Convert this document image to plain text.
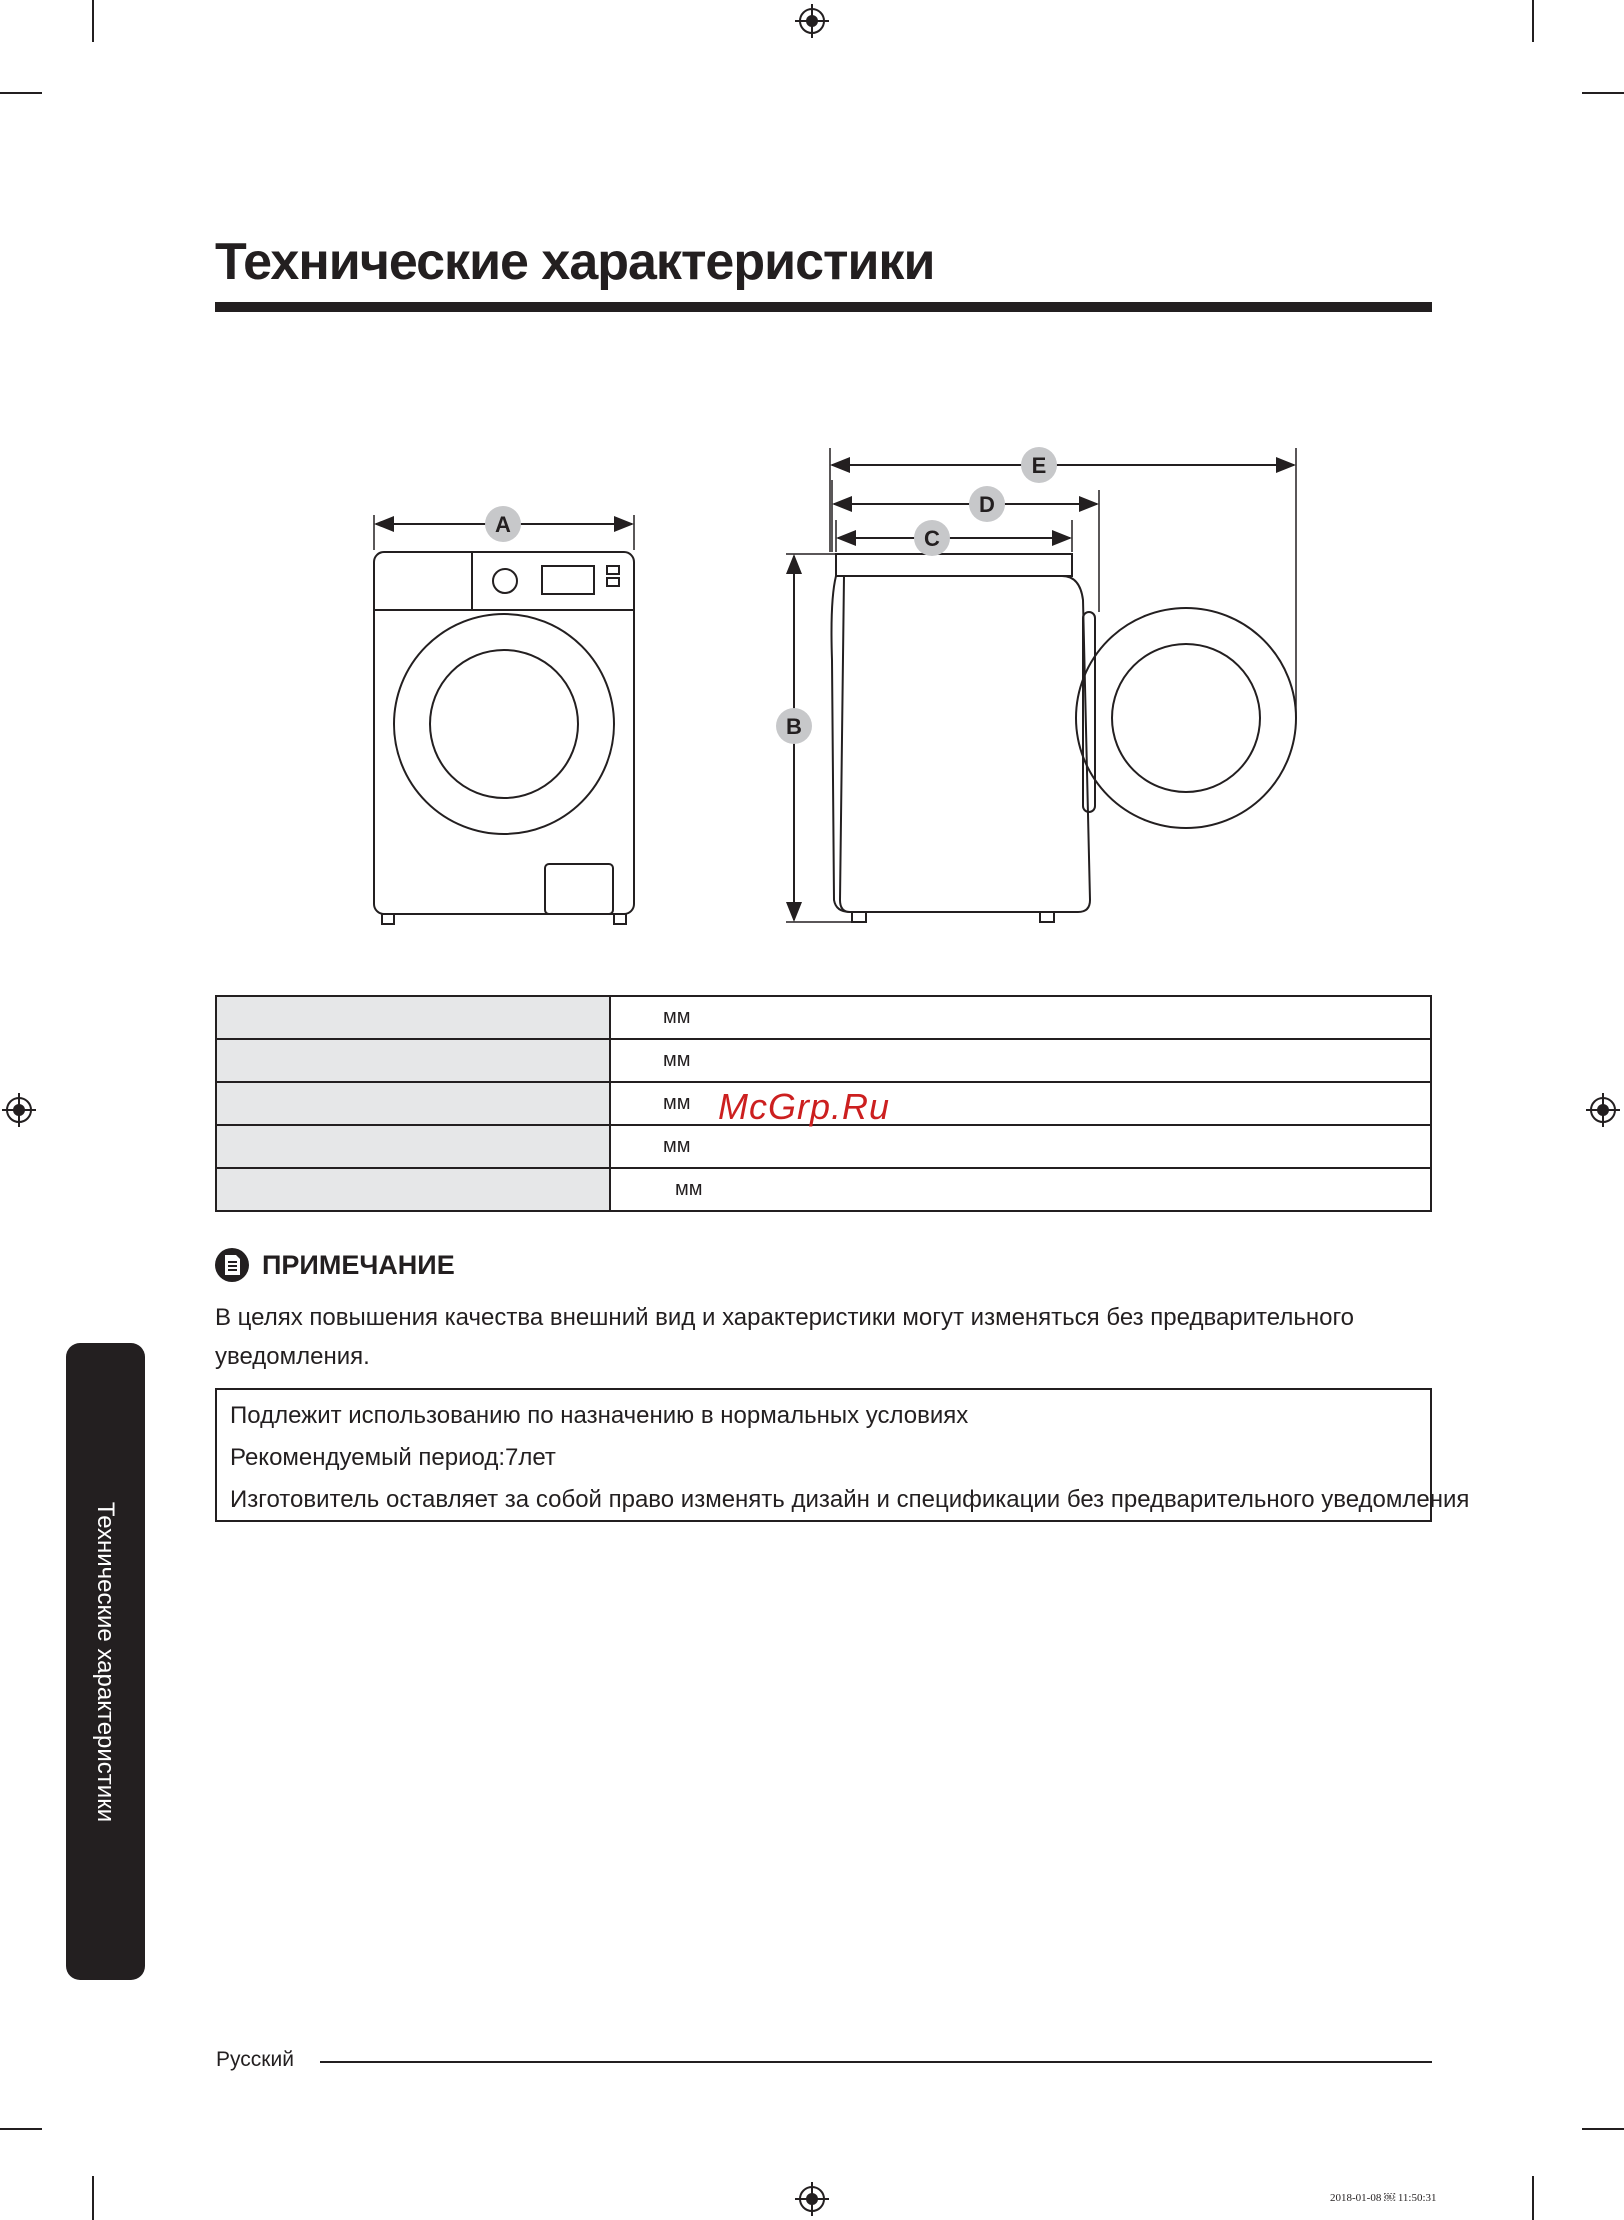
Технические характеристики
A
B
C
D
E
	мм
	мм
	мм
	мм
	мм
McGrp.Ru
ПРИМЕЧАНИЕ
В целях повышения качества внешний вид и характеристики могут изменяться без предварительного уведомления.
Подлежит использованию по назначению в нормальных условиях
Рекомендуемый период:7лет
Изготовитель оставляет за собой право изменять дизайн и спецификации без предварительного уведомления
Технические характеристики
Русский
2018-01-08 ￼ 11:50:31
